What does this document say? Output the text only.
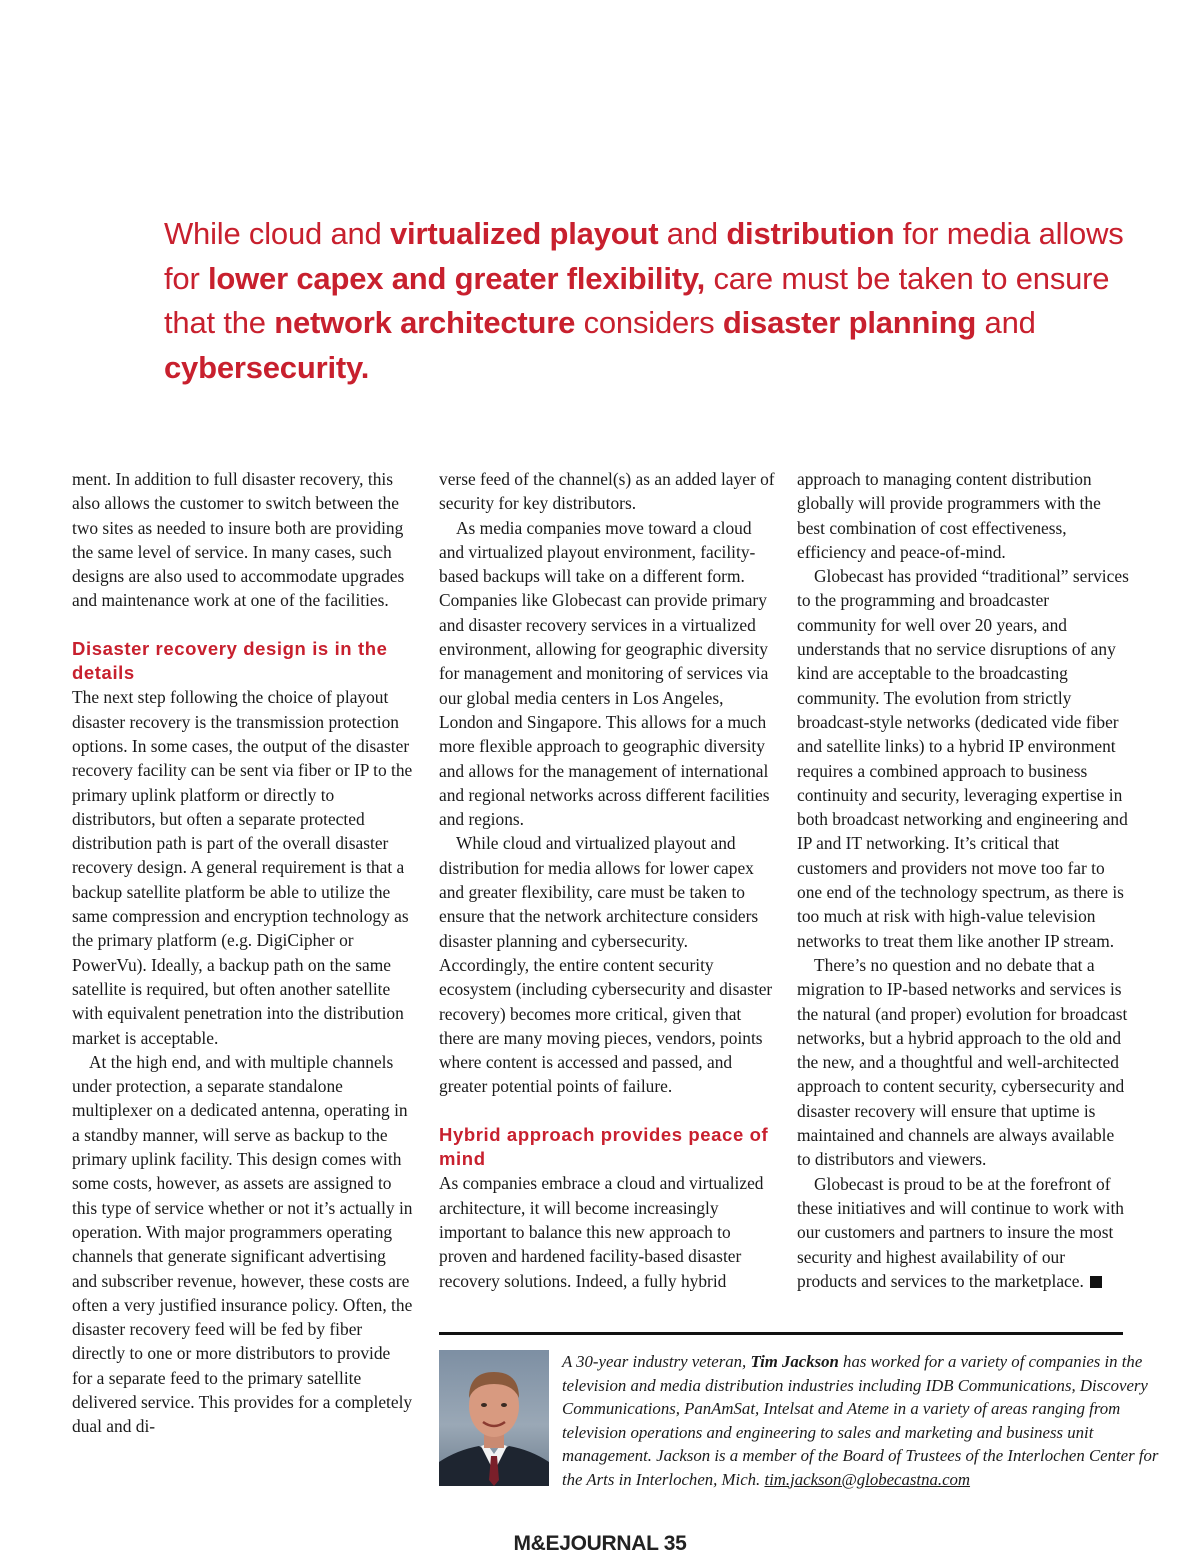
While cloud and virtualized playout and distribution for media allows for lower capex and greater flexibility, care must be taken to ensure that the network architecture considers disaster planning and cybersecurity.

ment. In addition to full disaster recovery, this also allows the customer to switch between the two sites as needed to insure both are providing the same level of service. In many cases, such designs are also used to accommodate upgrades and maintenance work at one of the facilities.

Disaster recovery design is in the details

The next step following the choice of playout disaster recovery is the transmission protection options. In some cases, the output of the disaster recovery facility can be sent via fiber or IP to the primary uplink platform or directly to distributors, but often a separate protected distribution path is part of the overall disaster recovery design. A general requirement is that a backup satellite platform be able to utilize the same compression and encryption technology as the primary platform (e.g. DigiCipher or PowerVu). Ideally, a backup path on the same satellite is required, but often another satellite with equivalent penetration into the distribution market is acceptable.

At the high end, and with multiple channels under protection, a separate standalone multiplexer on a dedicated antenna, operating in a standby manner, will serve as backup to the primary uplink facility. This design comes with some costs, however, as assets are assigned to this type of service whether or not it’s actually in operation. With major programmers operating channels that generate significant advertising and subscriber revenue, however, these costs are often a very justified insurance policy. Often, the disaster recovery feed will be fed by fiber directly to one or more distributors to provide for a separate feed to the primary satellite delivered service. This provides for a completely dual and di-

verse feed of the channel(s) as an added layer of security for key distributors.

As media companies move toward a cloud and virtualized playout environment, facility-based backups will take on a different form. Companies like Globecast can provide primary and disaster recovery services in a virtualized environment, allowing for geographic diversity for management and monitoring of services via our global media centers in Los Angeles, London and Singapore. This allows for a much more flexible approach to geographic diversity and allows for the management of international and regional networks across different facilities and regions.

While cloud and virtualized playout and distribution for media allows for lower capex and greater flexibility, care must be taken to ensure that the network architecture considers disaster planning and cybersecurity. Accordingly, the entire content security ecosystem (including cybersecurity and disaster recovery) becomes more critical, given that there are many moving pieces, vendors, points where content is accessed and passed, and greater potential points of failure.

Hybrid approach provides peace of mind

As companies embrace a cloud and virtualized architecture, it will become increasingly important to balance this new approach to proven and hardened facility-based disaster recovery solutions. Indeed, a fully hybrid

approach to managing content distribution globally will provide programmers with the best combination of cost effectiveness, efficiency and peace-of-mind.

Globecast has provided “traditional” services to the programming and broadcaster community for well over 20 years, and understands that no service disruptions of any kind are acceptable to the broadcasting community. The evolution from strictly broadcast-style networks (dedicated vide fiber and satellite links) to a hybrid IP environment requires a combined approach to business continuity and security, leveraging expertise in both broadcast networking and engineering and IP and IT networking. It’s critical that customers and providers not move too far to one end of the technology spectrum, as there is too much at risk with high-value television networks to treat them like another IP stream.

There’s no question and no debate that a migration to IP-based networks and services is the natural (and proper) evolution for broadcast networks, but a hybrid approach to the old and the new, and a thoughtful and well-architected approach to content security, cybersecurity and disaster recovery will ensure that uptime is maintained and channels are always available to distributors and viewers.

Globecast is proud to be at the forefront of these initiatives and will continue to work with our customers and partners to insure the most security and highest availability of our products and services to the marketplace.

A 30-year industry veteran, Tim Jackson has worked for a variety of companies in the television and media distribution industries including IDB Communications, Discovery Communications, PanAmSat, Intelsat and Ateme in a variety of areas ranging from television operations and engineering to sales and marketing and business unit management. Jackson is a member of the Board of Trustees of the Interlochen Center for the Arts in Interlochen, Mich. tim.jackson@globecastna.com
M&EJOURNAL 35
